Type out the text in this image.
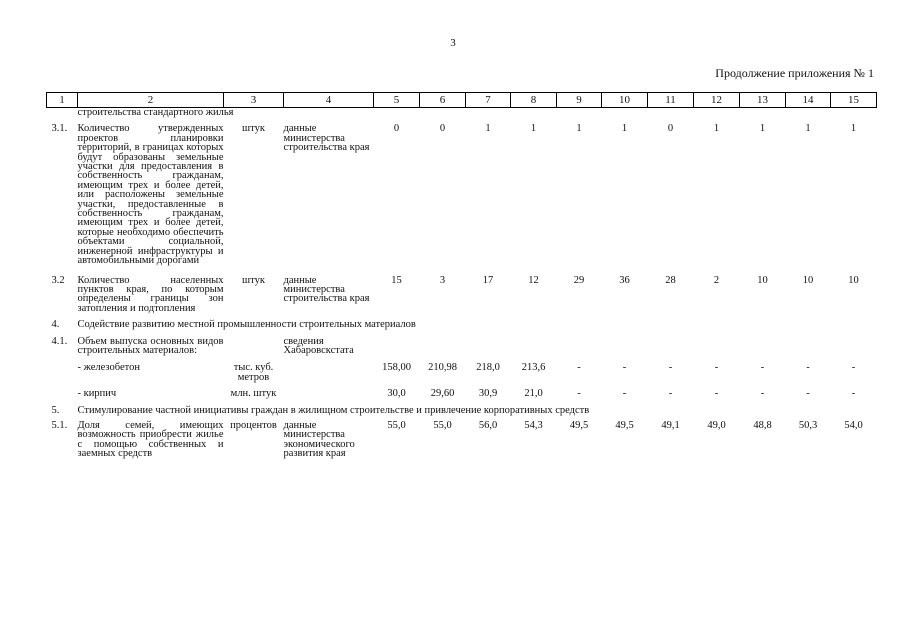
3
Продолжение приложения № 1
1	2	3	4	5	6	7	8	9	10	11	12	13	14	15
	строительства стандартного жилья													

3.1.	Количество утвержденных проектов планировки территорий, в границах которых будут образованы земельные участки для предоставления в собственность гражданам, имеющим трех и более детей, или расположены земельные участки, предоставленные в собственность гражданам, имеющим трех и более детей, которые необходимо обеспечить объектами социальной, инженерной инфраструктуры и автомобильными дорогами	штук	данные министерства строительства края	0	0	1	1	1	1	0	1	1	1	1

3.2	Количество населенных пунктов края, по которым определены границы зон затопления и подтопления	штук	данные министерства строительства края	15	3	17	12	29	36	28	2	10	10	10

4.	Содействие развитию местной промышленности строительных материалов													

4.1.	Объем выпуска основных видов строительных материалов:		сведения Хабаровскстата											

	- железобетон	тыс. куб. метров		158,00	210,98	218,0	213,6	-	-	-	-	-	-	-

	- кирпич	млн. штук		30,0	29,60	30,9	21,0	-	-	-	-	-	-	-

5.	Стимулирование частной инициативы граждан в жилищном строительстве и привлечение корпоративных средств													

5.1.	Доля семей, имеющих возможность приобрести жилье с помощью собственных и заемных средств	процентов	данные министерства экономического развития края	55,0	55,0	56,0	54,3	49,5	49,5	49,1	49,0	48,8	50,3	54,0
